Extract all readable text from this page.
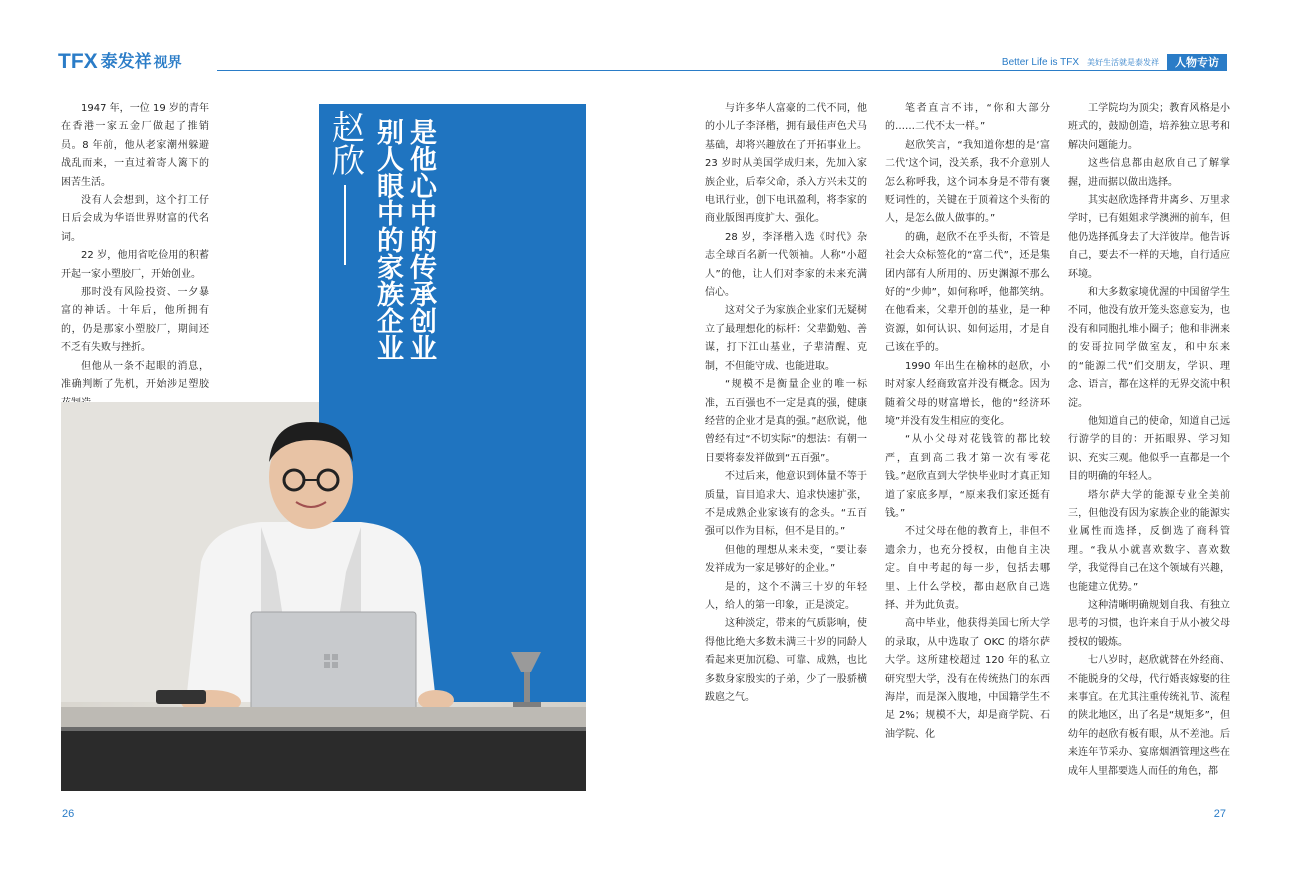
TFX 泰发祥 视界	Better Life is TFX 美好生活就是泰发祥	人物专访

1947 年，一位 19 岁的青年在香港一家五金厂做起了推销员。8 年前，他从老家潮州躲避战乱而来，一直过着寄人篱下的困苦生活。

没有人会想到，这个打工仔日后会成为华语世界财富的代名词。

22 岁，他用省吃俭用的积蓄开起一家小塑胶厂，开始创业。

那时没有风险投资、一夕暴富的神话。十年后，他所拥有的，仍是那家小塑胶厂，期间还不乏有失败与挫折。

但他从一条不起眼的消息，准确判断了先机，开始涉足塑胶

赵欣 别人眼中的家族企业 是他心中的传承创业

与许多华人富豪的二代不同，他的小儿子李泽楷，拥有最佳声色犬马基础，却将兴趣放在了开拓事业上。23 岁时从美国学成归来，先加入家族企业，后奉父命，杀入方兴未艾的电讯行业，创下电讯盈利，将李家的商业版图再度扩大、强化。

28 岁，李泽楷入选《时代》杂志全球百名新一代领袖。人称“小超人”的他，让人们对李家的未来充满信心。

这对父子为家族企业家们无疑树立了最理想化的标杆：父辈勤勉、善谋，打下江山基业，子辈清醒、克制，不但能守成、也能进取。

“规模不是衡量企业的唯一标准，五百强也不一定是真的强，健康经营的企业才是真的强。”赵欣说，他曾经有过“不切实际”的想法：有朝一日要将泰发祥做到“五百强”。

不过后来，他意识到体量不等于质量，盲目追求大、追求快速扩张，不是成熟企业家该有的念头。“五百强可以作为目标，但不是目的。”

但他的理想从来未变，“要让泰发祥成为一家足够好的企业。”

是的，这个不满三十岁的年轻人，给人的第一印象，正是淡定。

这种淡定，带来的气质影响，使得他比绝大多数未满三十岁的同龄人看起来更加沉稳、可靠、成熟，也比多数身家殷实的子弟，少了一股骄横跋扈之气。

笔者直言不讳，“你和大部分的……二代不太一样。”

赵欣笑言，“我知道你想的是‘富二代’这个词，没关系，我不介意别人怎么称呼我，这个词本身是不带有褒贬词性的，关键在于顶着这个头衔的人，是怎么做人做事的。”

的确，赵欣不在乎头衔，不管是社会大众标签化的“富二代”，还是集团内部有人所用的、历史渊源不那么好的“少帅”，如何称呼，他都笑纳。在他看来，父辈开创的基业，是一种资源，如何认识、如何运用，才是自己该在乎的。

1990 年出生在榆林的赵欣，小时对家人经商致富并没有概念。因为随着父母的财富增长，他的“经济环境”并没有发生相应的变化。

“从小父母对花钱管的都比较严，直到高二我才第一次有零花钱。”赵欣直到大学快毕业时才真正知道了家底多厚，“原来我们家还挺有钱。”

不过父母在他的教育上，非但不遗余力，也充分授权，由他自主决定。自中考起的每一步，包括去哪里、上什么学校，都由赵欣自己选择、并为此负责。

高中毕业，他获得美国七所大学的录取，从中选取了 OKC 的塔尔萨大学。这所建校超过 120 年的私立研究型大学，没有在传统热门的东西海岸，而是深入腹地，中国籍学生不足 2%；规模不大，却是商学院、石油学院、化

工学院均为顶尖；教育风格是小班式的，鼓励创造，培养独立思考和解决问题能力。

这些信息都由赵欣自己了解掌握，进而据以做出选择。

其实赵欣选择背井离乡、万里求学时，已有姐姐求学澳洲的前车，但他仍选择孤身去了大洋彼岸。他告诉自己，要去不一样的天地，自行适应环境。

和大多数家境优渥的中国留学生不同，他没有放开笼头恣意妄为，也没有和同胞扎堆小圈子；他和非洲来的安哥拉同学做室友，和中东来的“能源二代”们交朋友，学识、理念、语言，都在这样的无界交流中积淀。

他知道自己的使命，知道自己远行游学的目的：开拓眼界、学习知识、充实三观。他似乎一直都是一个目的明确的年轻人。

塔尔萨大学的能源专业全美前三，但他没有因为家族企业的能源实业属性而选择，反倒选了商科管理。“我从小就喜欢数字、喜欢数学，我觉得自己在这个领域有兴趣，也能建立优势。”

这种清晰明确规划自我、有独立思考的习惯，也许来自于从小被父母授权的锻炼。

七八岁时，赵欣就替在外经商、不能脱身的父母，代行婚丧嫁娶的往来事宜。在尤其注重传统礼节、流程的陕北地区，出了名是“规矩多”，但幼年的赵欣有板有眼，从不差池。后来连年节采办、宴席烟酒管理这些在成年人里都要选人而任的角色，都

26	27
